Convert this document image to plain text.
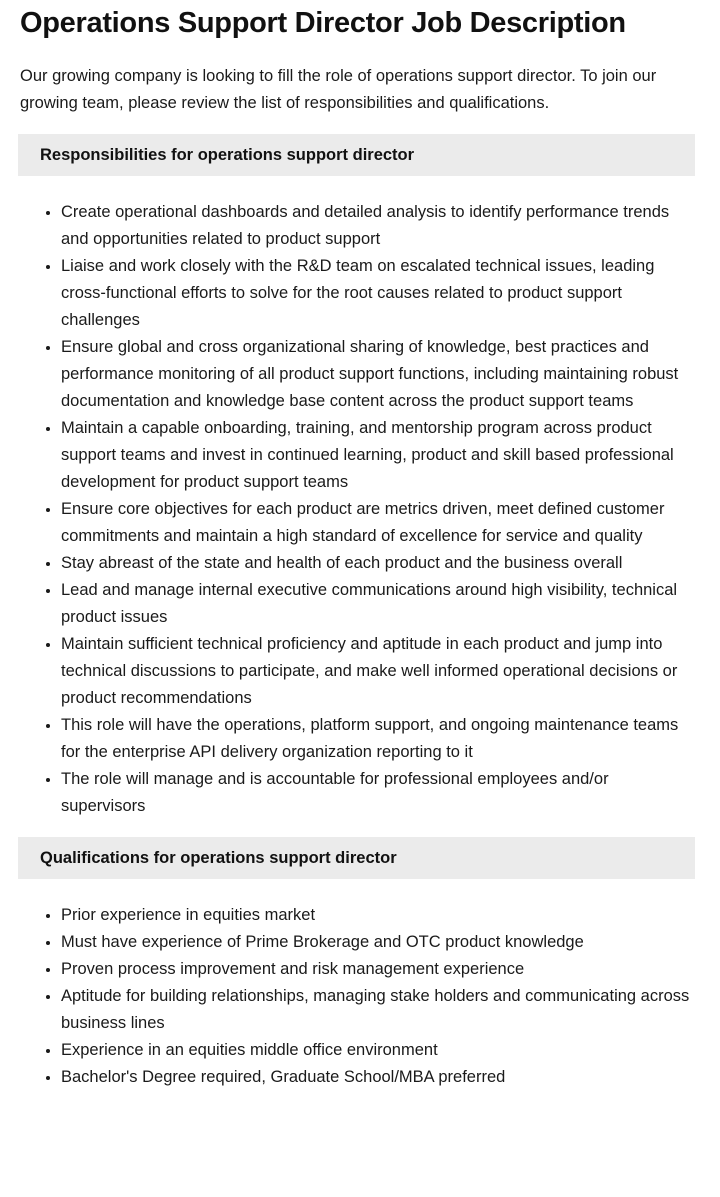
Operations Support Director Job Description

Our growing company is looking to fill the role of operations support director. To join our growing team, please review the list of responsibilities and qualifications.

Responsibilities for operations support director
• Create operational dashboards and detailed analysis to identify performance trends and opportunities related to product support
• Liaise and work closely with the R&D team on escalated technical issues, leading cross-functional efforts to solve for the root causes related to product support challenges
• Ensure global and cross organizational sharing of knowledge, best practices and performance monitoring of all product support functions, including maintaining robust documentation and knowledge base content across the product support teams
• Maintain a capable onboarding, training, and mentorship program across product support teams and invest in continued learning, product and skill based professional development for product support teams
• Ensure core objectives for each product are metrics driven, meet defined customer commitments and maintain a high standard of excellence for service and quality
• Stay abreast of the state and health of each product and the business overall
• Lead and manage internal executive communications around high visibility, technical product issues
• Maintain sufficient technical proficiency and aptitude in each product and jump into technical discussions to participate, and make well informed operational decisions or product recommendations
• This role will have the operations, platform support, and ongoing maintenance teams for the enterprise API delivery organization reporting to it
• The role will manage and is accountable for professional employees and/or supervisors
Qualifications for operations support director
• Prior experience in equities market
• Must have experience of Prime Brokerage and OTC product knowledge
• Proven process improvement and risk management experience
• Aptitude for building relationships, managing stake holders and communicating across business lines
• Experience in an equities middle office environment
• Bachelor's Degree required, Graduate School/MBA preferred
